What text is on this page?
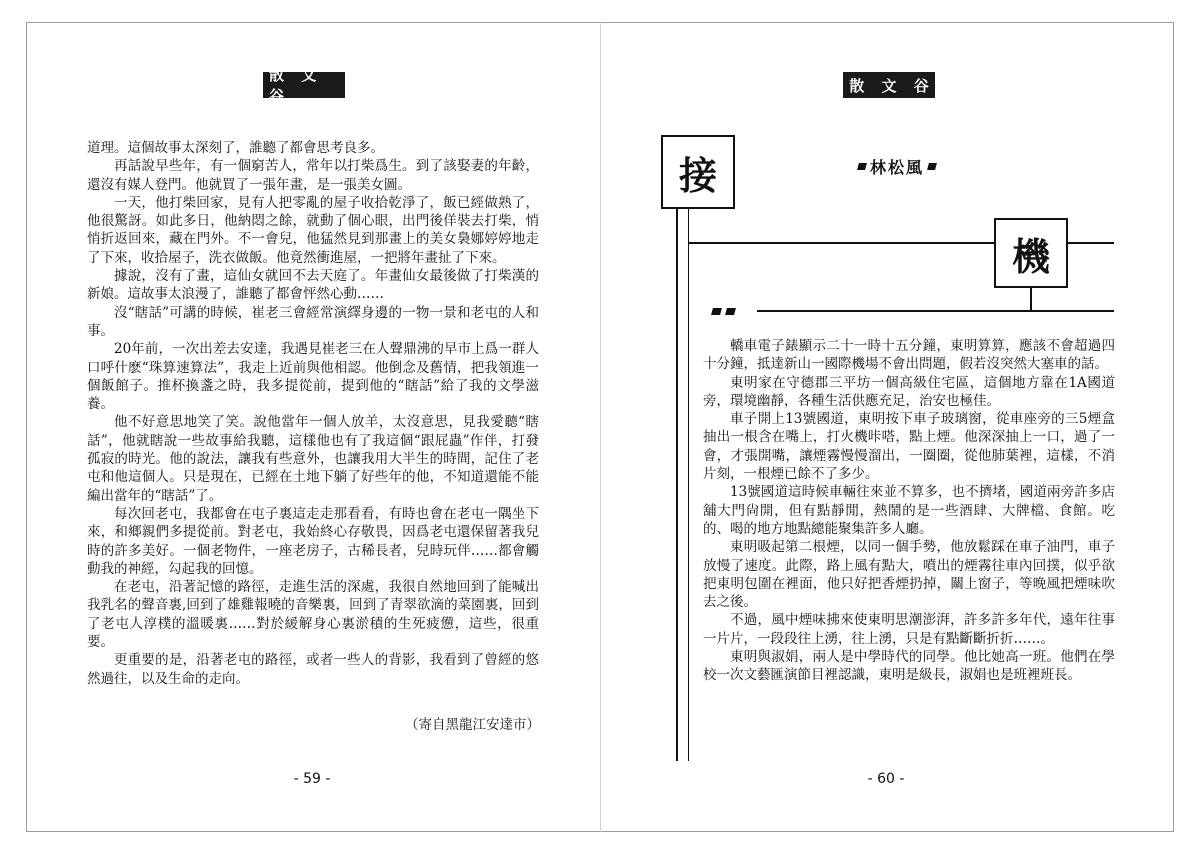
散 文 谷

道理。這個故事太深刻了，誰聽了都會思考良多。

再話說早些年，有一個窮苦人，常年以打柴爲生。到了該娶妻的年齡，還沒有媒人登門。他就買了一張年畫，是一張美女圖。

一天，他打柴回家，見有人把零亂的屋子收拾乾淨了，飯已經做熟了，他很驚訝。如此多日，他納悶之餘，就動了個心眼，出門後佯裝去打柴，悄悄折返回來，藏在門外。不一會兒，他猛然見到那畫上的美女裊娜婷婷地走了下來，收拾屋子，洗衣做飯。他竟然衝進屋，一把將年畫扯了下來。

據說，沒有了畫，這仙女就回不去天庭了。年畫仙女最後做了打柴漢的新娘。這故事太浪漫了，誰聽了都會怦然心動……

沒“瞎話”可講的時候，崔老三會經常演繹身邊的一物一景和老屯的人和事。

20年前，一次出差去安達，我遇見崔老三在人聲鼎沸的早市上爲一群人口呼什麽“珠算速算法”，我走上近前與他相認。他倒念及舊情，把我領進一個飯館子。推杯換盞之時，我多提從前，提到他的“瞎話”給了我的文學滋養。

他不好意思地笑了笑。說他當年一個人放羊，太沒意思，見我愛聽“瞎話”，他就瞎說一些故事給我聽，這樣他也有了我這個“跟屁蟲”作伴，打發孤寂的時光。他的說法，讓我有些意外，也讓我用大半生的時間，記住了老屯和他這個人。只是現在，已經在土地下躺了好些年的他，不知道還能不能編出當年的“瞎話”了。

每次回老屯，我都會在屯子裏這走走那看看，有時也會在老屯一隅坐下來，和鄉親們多提從前。對老屯，我始終心存敬畏，因爲老屯還保留著我兒時的許多美好。一個老物件，一座老房子，古稀長者，兒時玩伴……都會觸動我的神經，勾起我的回憶。

在老屯，沿著記憶的路徑，走進生活的深處，我很自然地回到了能喊出我乳名的聲音裏,回到了雄雞報曉的音樂裏，回到了青翠欲滴的菜園裏，回到了老屯人淳樸的溫暖裏……對於緩解身心裏淤積的生死疲憊，這些，很重要。

更重要的是，沿著老屯的路徑，或者一些人的背影，我看到了曾經的悠然過往，以及生命的走向。

（寄自黑龍江安達市）
- 59 -
散 文 谷
接
機
林松風

轎車電子錶顯示二十一時十五分鐘，東明算算，應該不會超過四十分鐘，抵達新山一國際機場不會出問題，假若沒突然大塞車的話。

東明家在守德郡三平坊一個高級住宅區，這個地方靠在1A國道旁，環境幽靜，各種生活供應充足，治安也極佳。

車子開上13號國道，東明按下車子玻璃窗，從車座旁的三5煙盒抽出一根含在嘴上，打火機咔嗒，點上煙。他深深抽上一口，過了一會，才張開嘴，讓煙霧慢慢溜出，一圈圈，從他肺葉裡，這樣，不消片刻，一根煙已餘不了多少。

13號國道這時候車輛往來並不算多，也不擠堵，國道兩旁許多店舖大門尙開，但有點靜閒，熱鬧的是一些酒肆、大牌檔、食館。吃的、喝的地方地點總能聚集許多人廳。

東明吸起第二根煙，以同一個手勢，他放鬆踩在車子油門，車子放慢了速度。此際，路上風有點大，噴出的煙霧往車內回撲，似乎欲把東明包圍在裡面，他只好把香煙扔掉，關上窗子，等晚風把煙味吹去之後。

不過，風中煙味拂來使東明思潮澎湃，許多許多年代，遠年往事一片片，一段段往上湧，往上湧，只是有點斷斷折折……。

東明與淑娟，兩人是中學時代的同學。他比她高一班。他們在學校一次文藝匯演節目裡認識，東明是級長，淑娟也是班裡班長。

- 60 -
